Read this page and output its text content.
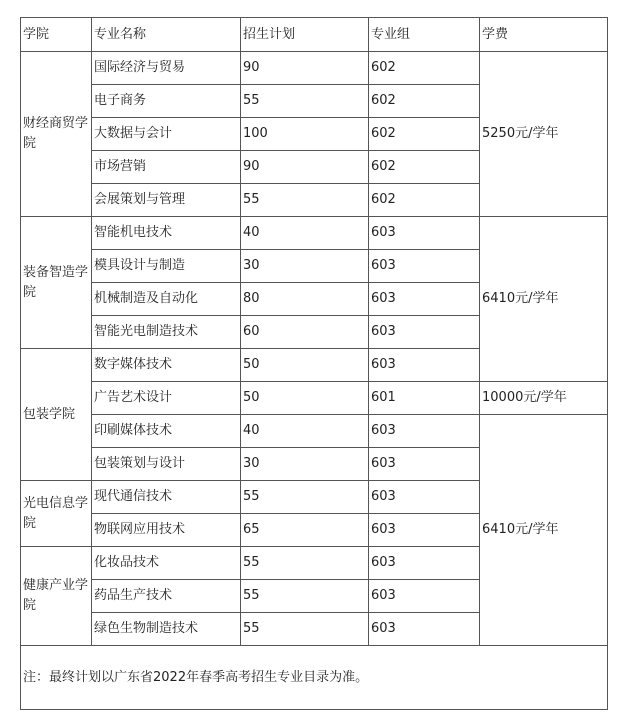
学院	专业名称	招生计划	专业组	学费
财经商贸学院	国际经济与贸易	90	602	5250元/学年
	电子商务	55	602	
	大数据与会计	100	602	
	市场营销	90	602	
	会展策划与管理	55	602	
装备智造学院	智能机电技术	40	603	6410元/学年
	模具设计与制造	30	603	
	机械制造及自动化	80	603	
	智能光电制造技术	60	603	
包装学院	数字媒体技术	50	603	
	广告艺术设计	50	601	10000元/学年
	印刷媒体技术	40	603	6410元/学年
	包装策划与设计	30	603	
光电信息学院	现代通信技术	55	603	
	物联网应用技术	65	603	
健康产业学院	化妆品技术	55	603	
	药品生产技术	55	603	
	绿色生物制造技术	55	603	
注：最终计划以广东省2022年春季高考招生专业目录为准。				
